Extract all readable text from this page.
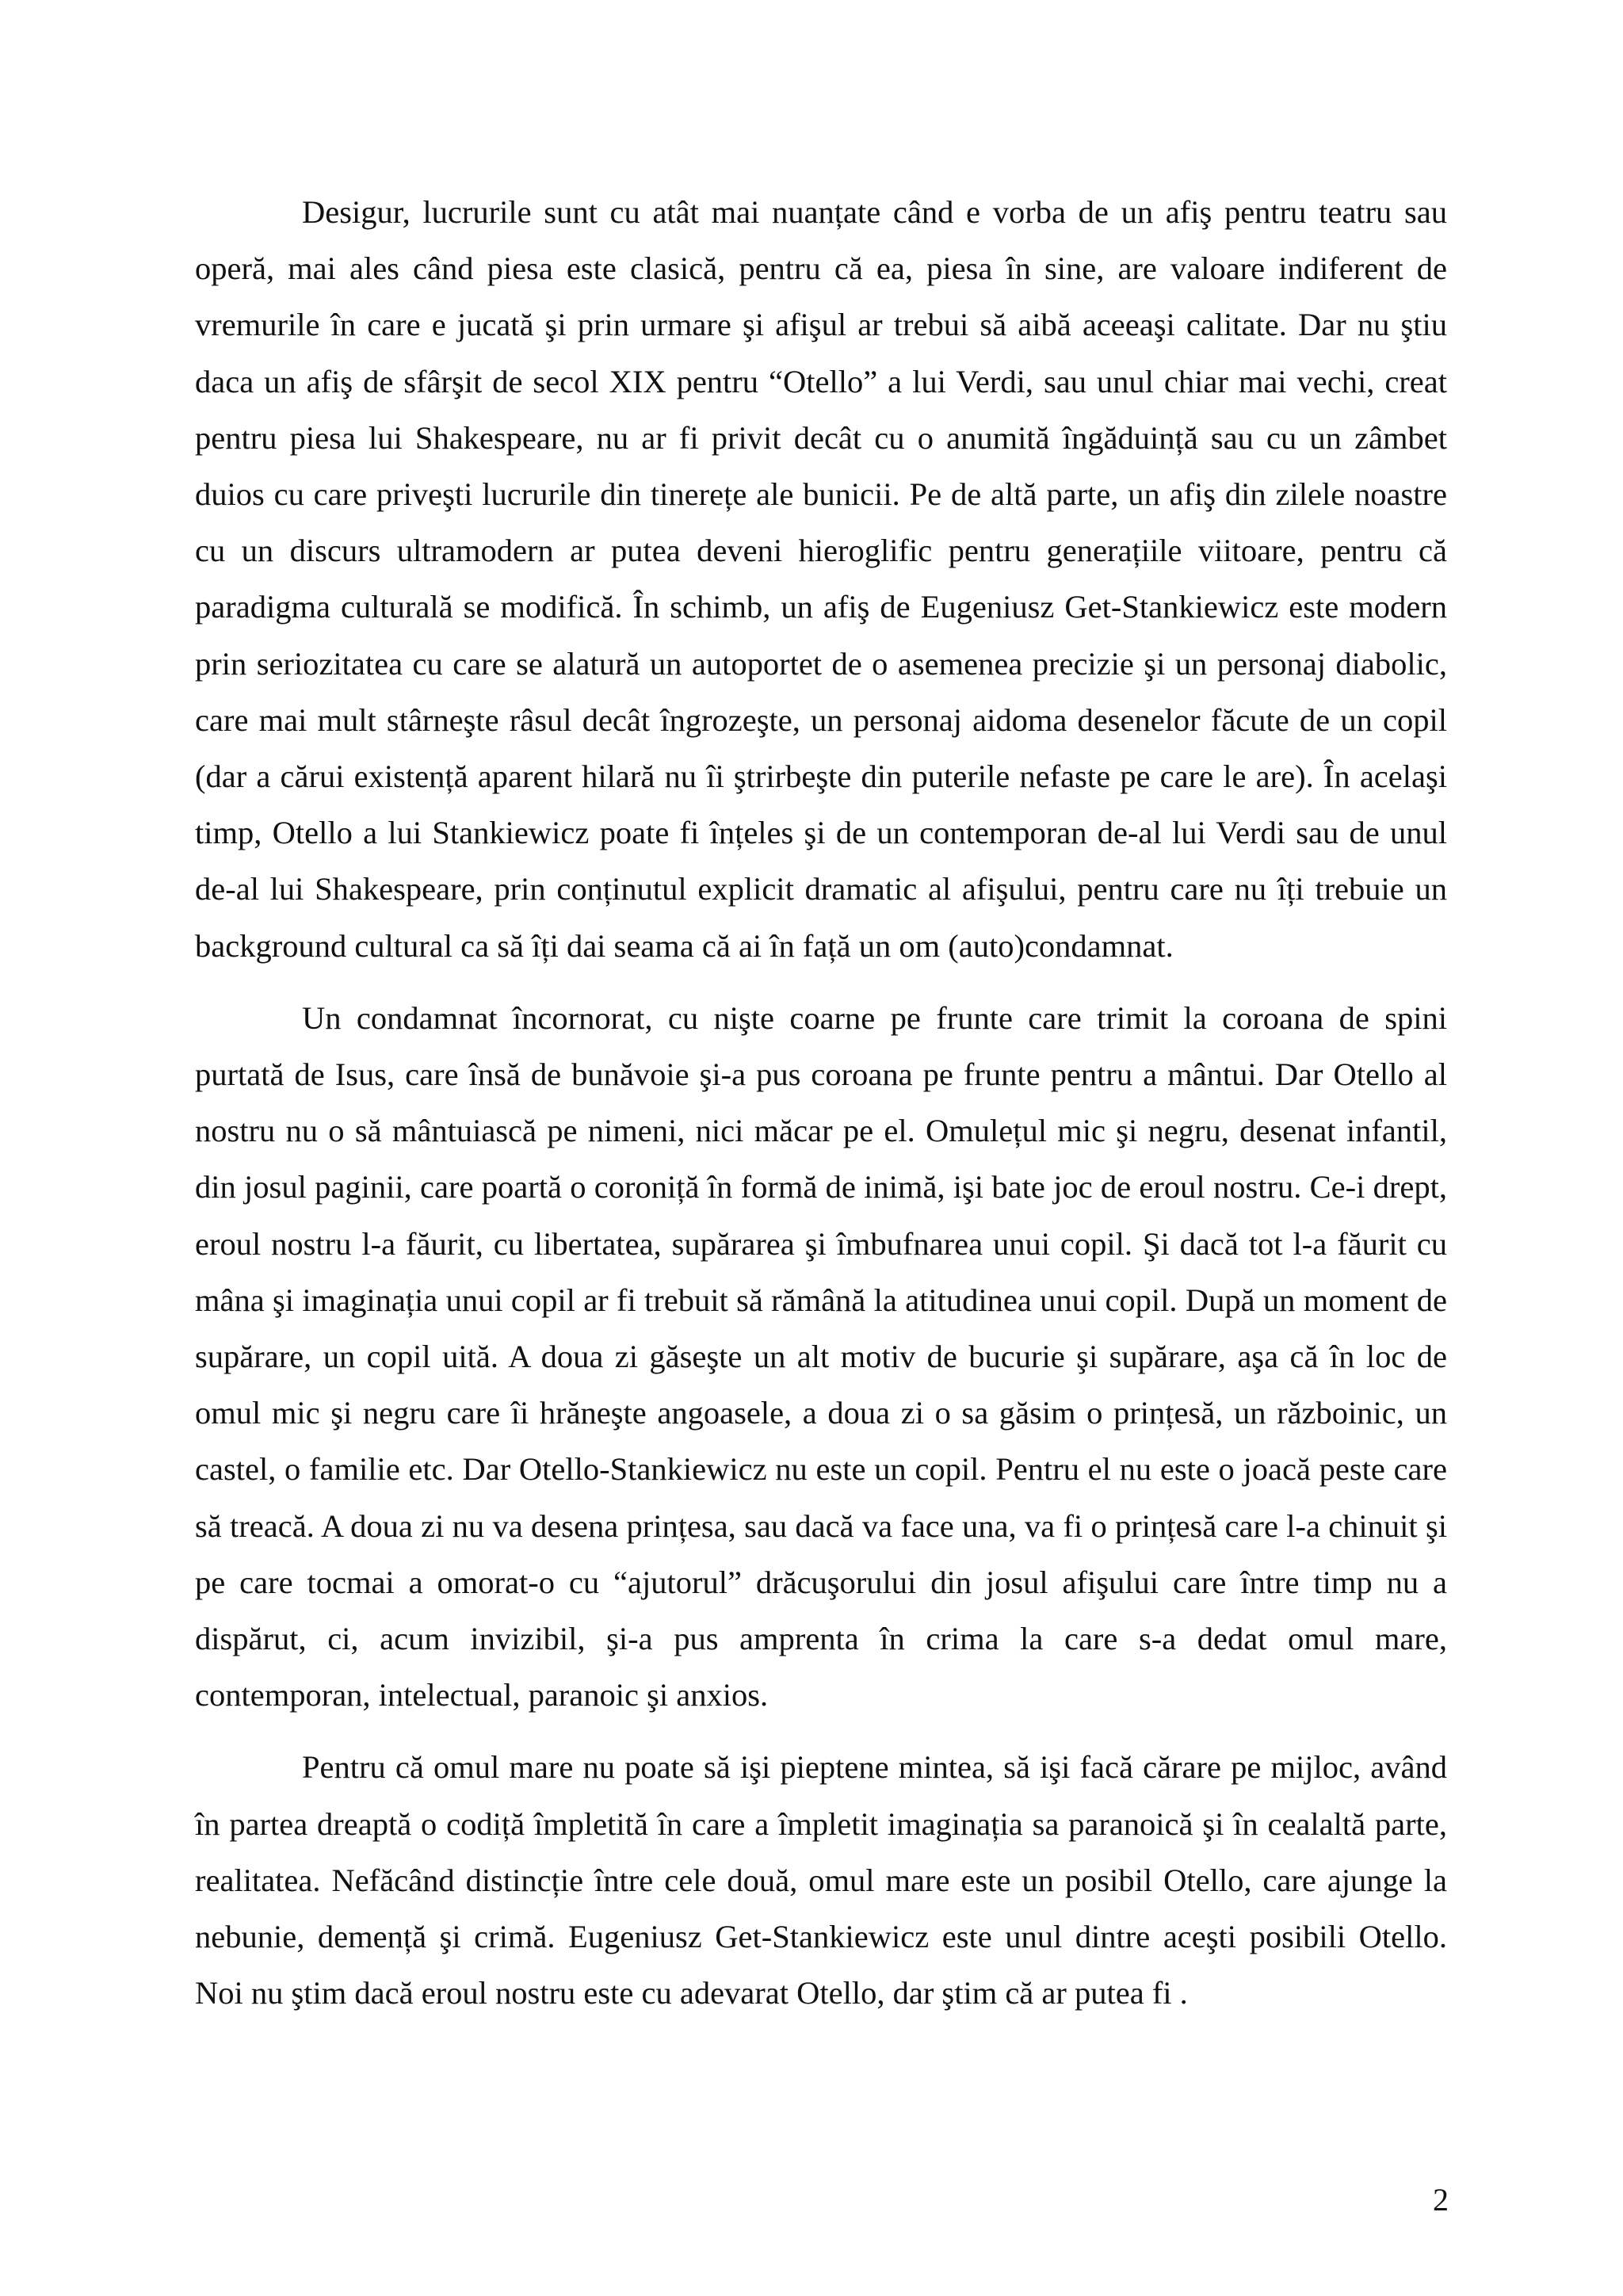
Desigur, lucrurile sunt cu atât mai nuanțate când e vorba de un afiş pentru teatru sau operă, mai ales când piesa este clasică, pentru că ea, piesa în sine, are valoare indiferent de vremurile în care e jucată şi prin urmare şi afişul ar trebui să aibă aceeaşi calitate. Dar nu ştiu daca un afiş de sfârşit de secol XIX pentru “Otello” a lui Verdi, sau unul chiar mai vechi, creat pentru piesa lui Shakespeare, nu ar fi privit decât cu o anumită îngăduință sau cu un zâmbet duios cu care priveşti lucrurile din tinerețe ale bunicii. Pe de altă parte, un afiş din zilele noastre cu un discurs ultramodern ar putea deveni hieroglific pentru generațiile viitoare, pentru că paradigma culturală se modifică. În schimb, un afiş de Eugeniusz Get-Stankiewicz este modern prin seriozitatea cu care se alatură un autoportet de o asemenea precizie şi un personaj diabolic, care mai mult stârneşte râsul decât îngrozeşte, un personaj aidoma desenelor făcute de un copil (dar a cărui existență aparent hilară nu îi ştrirbeşte din puterile nefaste pe care le are). În acelaşi timp, Otello a lui Stankiewicz poate fi înțeles şi de un contemporan de-al lui Verdi sau de unul de-al lui Shakespeare, prin conținutul explicit dramatic al afişului, pentru care nu îți trebuie un background cultural ca să îți dai seama că ai în față un om (auto)condamnat.

Un condamnat încornorat, cu nişte coarne pe frunte care trimit la coroana de spini purtată de Isus, care însă de bunăvoie şi-a pus coroana pe frunte pentru a mântui. Dar Otello al nostru nu o să mântuiască pe nimeni, nici măcar pe el. Omulețul mic şi negru, desenat infantil, din josul paginii, care poartă o coroniță în formă de inimă, işi bate joc de eroul nostru. Ce-i drept, eroul nostru l-a făurit, cu libertatea, supărarea şi îmbufnarea unui copil. Şi dacă tot l-a făurit cu mâna şi imaginația unui copil ar fi trebuit să rămână la atitudinea unui copil. După un moment de supărare, un copil uită. A doua zi găseşte un alt motiv de bucurie şi supărare, aşa că în loc de omul mic şi negru care îi hrăneşte angoasele, a doua zi o sa găsim o prințesă, un războinic, un castel, o familie etc. Dar Otello-Stankiewicz nu este un copil. Pentru el nu este o joacă peste care să treacă. A doua zi nu va desena prințesa, sau dacă va face una, va fi o prințesă care l-a chinuit şi pe care tocmai a omorat-o cu “ajutorul” drăcuşorului din josul afişului care între timp nu a dispărut, ci, acum invizibil, şi-a pus amprenta în crima la care s-a dedat omul mare, contemporan, intelectual, paranoic şi anxios.

Pentru că omul mare nu poate să işi pieptene mintea, să işi facă cărare pe mijloc, având în partea dreaptă o codiță împletită în care a împletit imaginația sa paranoică şi în cealaltă parte, realitatea. Nefăcând distincție între cele două, omul mare este un posibil Otello, care ajunge la nebunie, demență şi crimă. Eugeniusz Get-Stankiewicz este unul dintre aceşti posibili Otello. Noi nu ştim dacă eroul nostru este cu adevarat Otello, dar ştim că ar putea fi .

2
